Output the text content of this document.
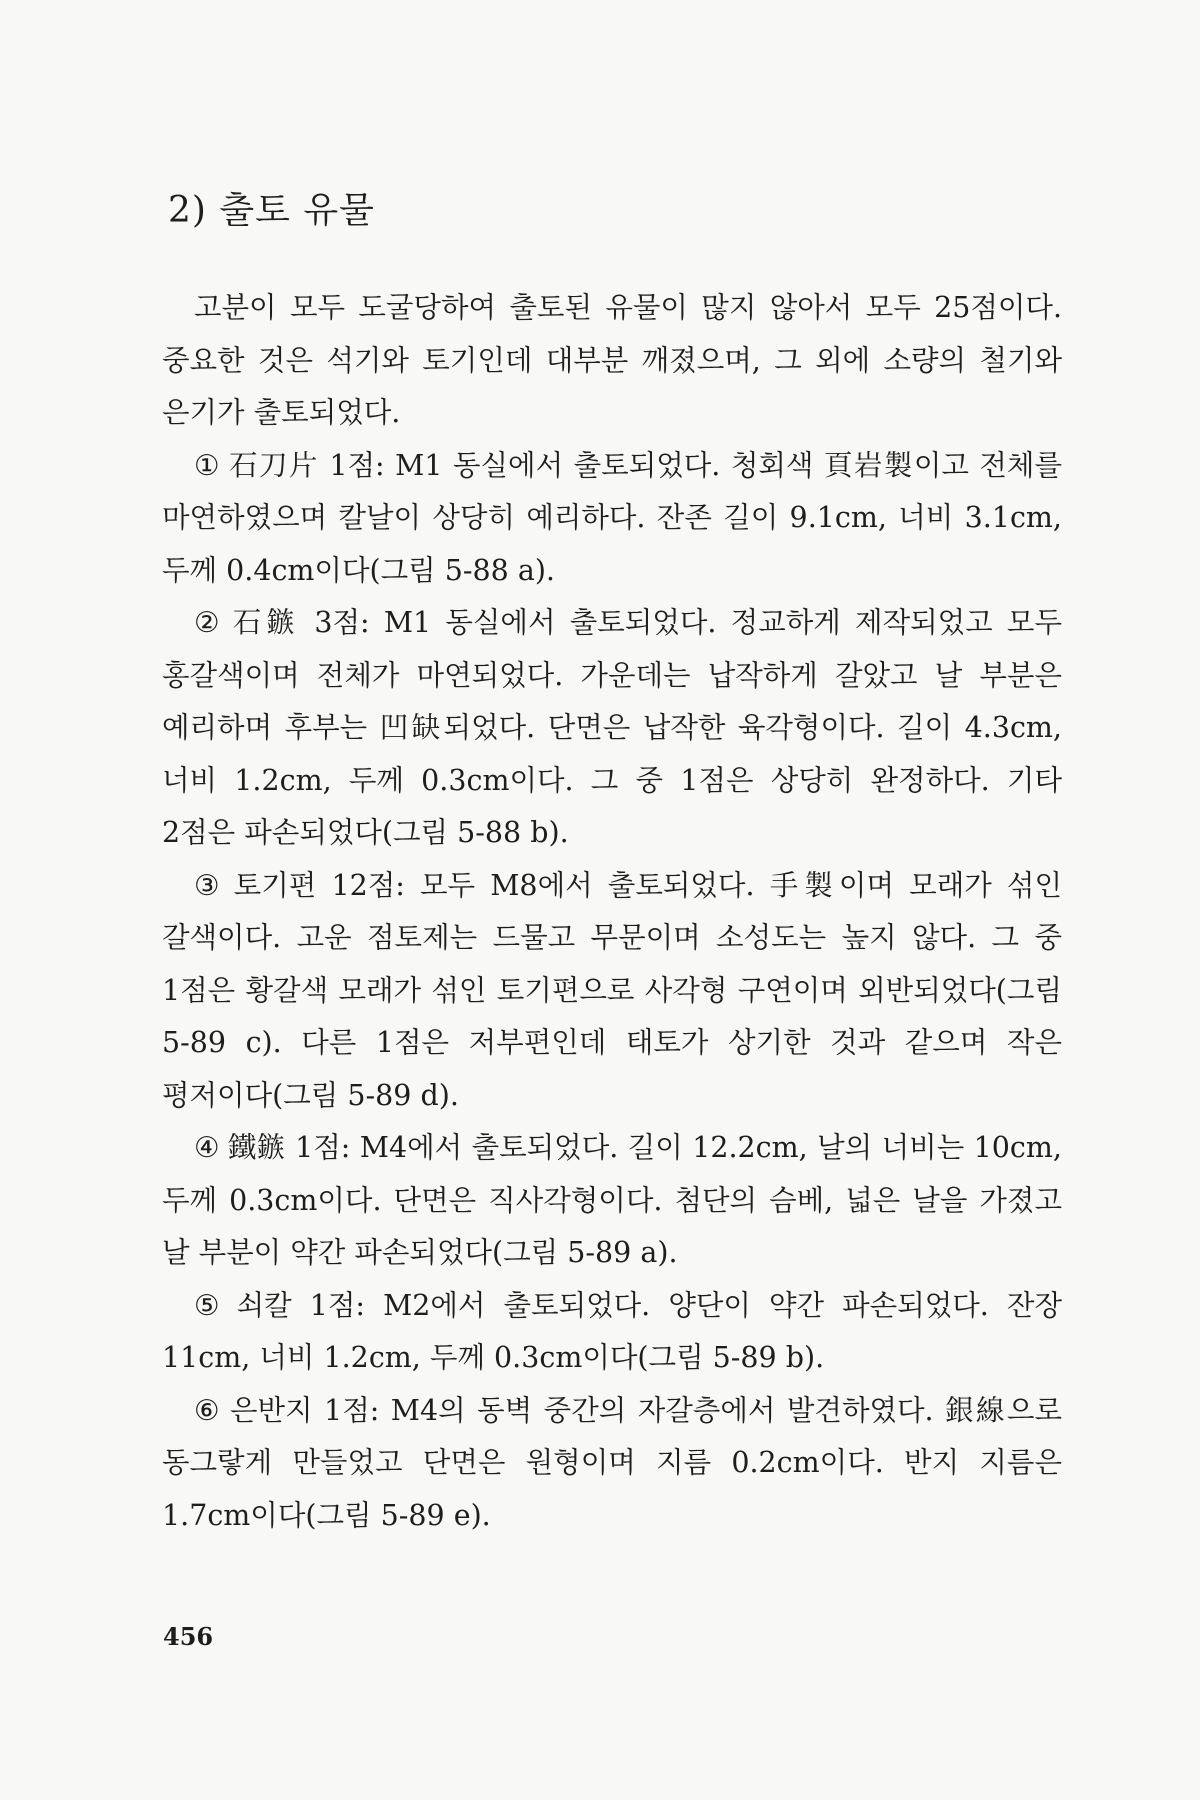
2) 출토 유물

고분이 모두 도굴당하여 출토된 유물이 많지 않아서 모두 25점이다. 중요한 것은 석기와 토기인데 대부분 깨졌으며, 그 외에 소량의 철기와 은기가 출토되었다.

① 石刀片 1점: M1 동실에서 출토되었다. 청회색 頁岩製이고 전체를 마연하였으며 칼날이 상당히 예리하다. 잔존 길이 9.1cm, 너비 3.1cm, 두께 0.4cm이다(그림 5-88 a).

② 石鏃 3점: M1 동실에서 출토되었다. 정교하게 제작되었고 모두 홍갈색이며 전체가 마연되었다. 가운데는 납작하게 갈았고 날 부분은 예리하며 후부는 凹缺되었다. 단면은 납작한 육각형이다. 길이 4.3cm, 너비 1.2cm, 두께 0.3cm이다. 그 중 1점은 상당히 완정하다. 기타 2점은 파손되었다(그림 5-88 b).

③ 토기편 12점: 모두 M8에서 출토되었다. 手製이며 모래가 섞인 갈색이다. 고운 점토제는 드물고 무문이며 소성도는 높지 않다. 그 중 1점은 황갈색 모래가 섞인 토기편으로 사각형 구연이며 외반되었다(그림 5-89 c). 다른 1점은 저부편인데 태토가 상기한 것과 같으며 작은 평저이다(그림 5-89 d).

④ 鐵鏃 1점: M4에서 출토되었다. 길이 12.2cm, 날의 너비는 10cm, 두께 0.3cm이다. 단면은 직사각형이다. 첨단의 슴베, 넓은 날을 가졌고 날 부분이 약간 파손되었다(그림 5-89 a).

⑤ 쇠칼 1점: M2에서 출토되었다. 양단이 약간 파손되었다. 잔장 11cm, 너비 1.2cm, 두께 0.3cm이다(그림 5-89 b).

⑥ 은반지 1점: M4의 동벽 중간의 자갈층에서 발견하였다. 銀線으로 동그랗게 만들었고 단면은 원형이며 지름 0.2cm이다. 반지 지름은 1.7cm이다(그림 5-89 e).

456
